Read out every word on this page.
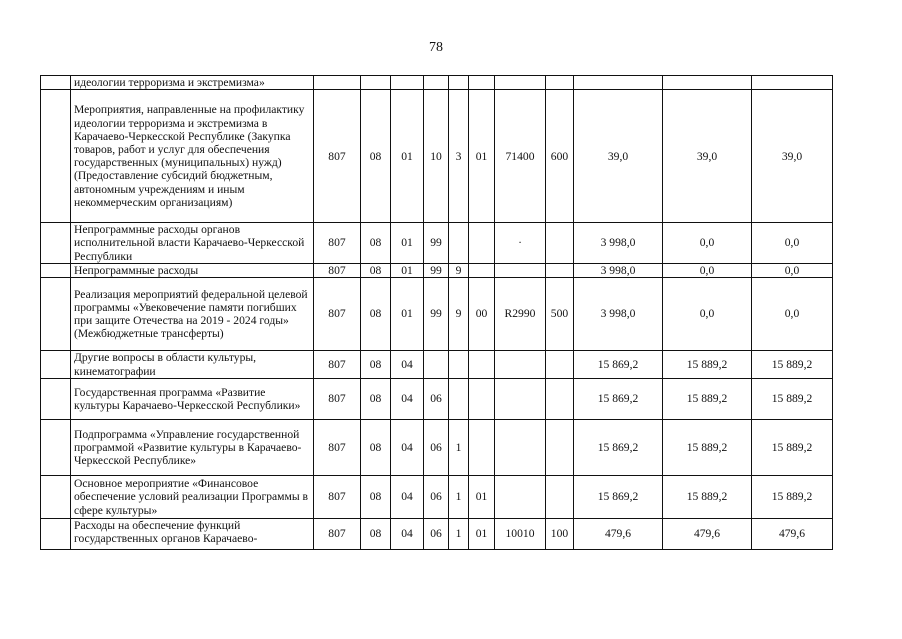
78
	идеологии терроризма и экстремизма»											
	Мероприятия, направленные на профилактику идеологии терроризма и экстремизма в Карачаево-Черкесской Республике (Закупка товаров, работ и услуг для обеспечения государственных (муниципальных) нужд) (Предоставление субсидий бюджетным, автономным учреждениям и иным некоммерческим организациям)	807	08	01	10	3	01	71400	600	39,0	39,0	39,0
	Непрограммные расходы органов исполнительной власти Карачаево-Черкесской Республики	807	08	01	99			·		3 998,0	0,0	0,0
	Непрограммные расходы	807	08	01	99	9				3 998,0	0,0	0,0
	Реализация мероприятий федеральной целевой программы «Увековечение памяти погибших при защите Отечества на 2019 - 2024 годы» (Межбюджетные трансферты)	807	08	01	99	9	00	R2990	500	3 998,0	0,0	0,0
	Другие вопросы в области культуры, кинематографии	807	08	04						15 869,2	15 889,2	15 889,2
	Государственная программа «Развитие культуры Карачаево-Черкесской Республики»	807	08	04	06					15 869,2	15 889,2	15 889,2
	Подпрограмма «Управление государственной программой «Развитие культуры в Карачаево-Черкесской Республике»	807	08	04	06	1				15 869,2	15 889,2	15 889,2
	Основное мероприятие «Финансовое обеспечение условий реализации Программы в сфере культуры»	807	08	04	06	1	01			15 869,2	15 889,2	15 889,2
	Расходы на обеспечение функций государственных органов Карачаево-	807	08	04	06	1	01	10010	100	479,6	479,6	479,6
